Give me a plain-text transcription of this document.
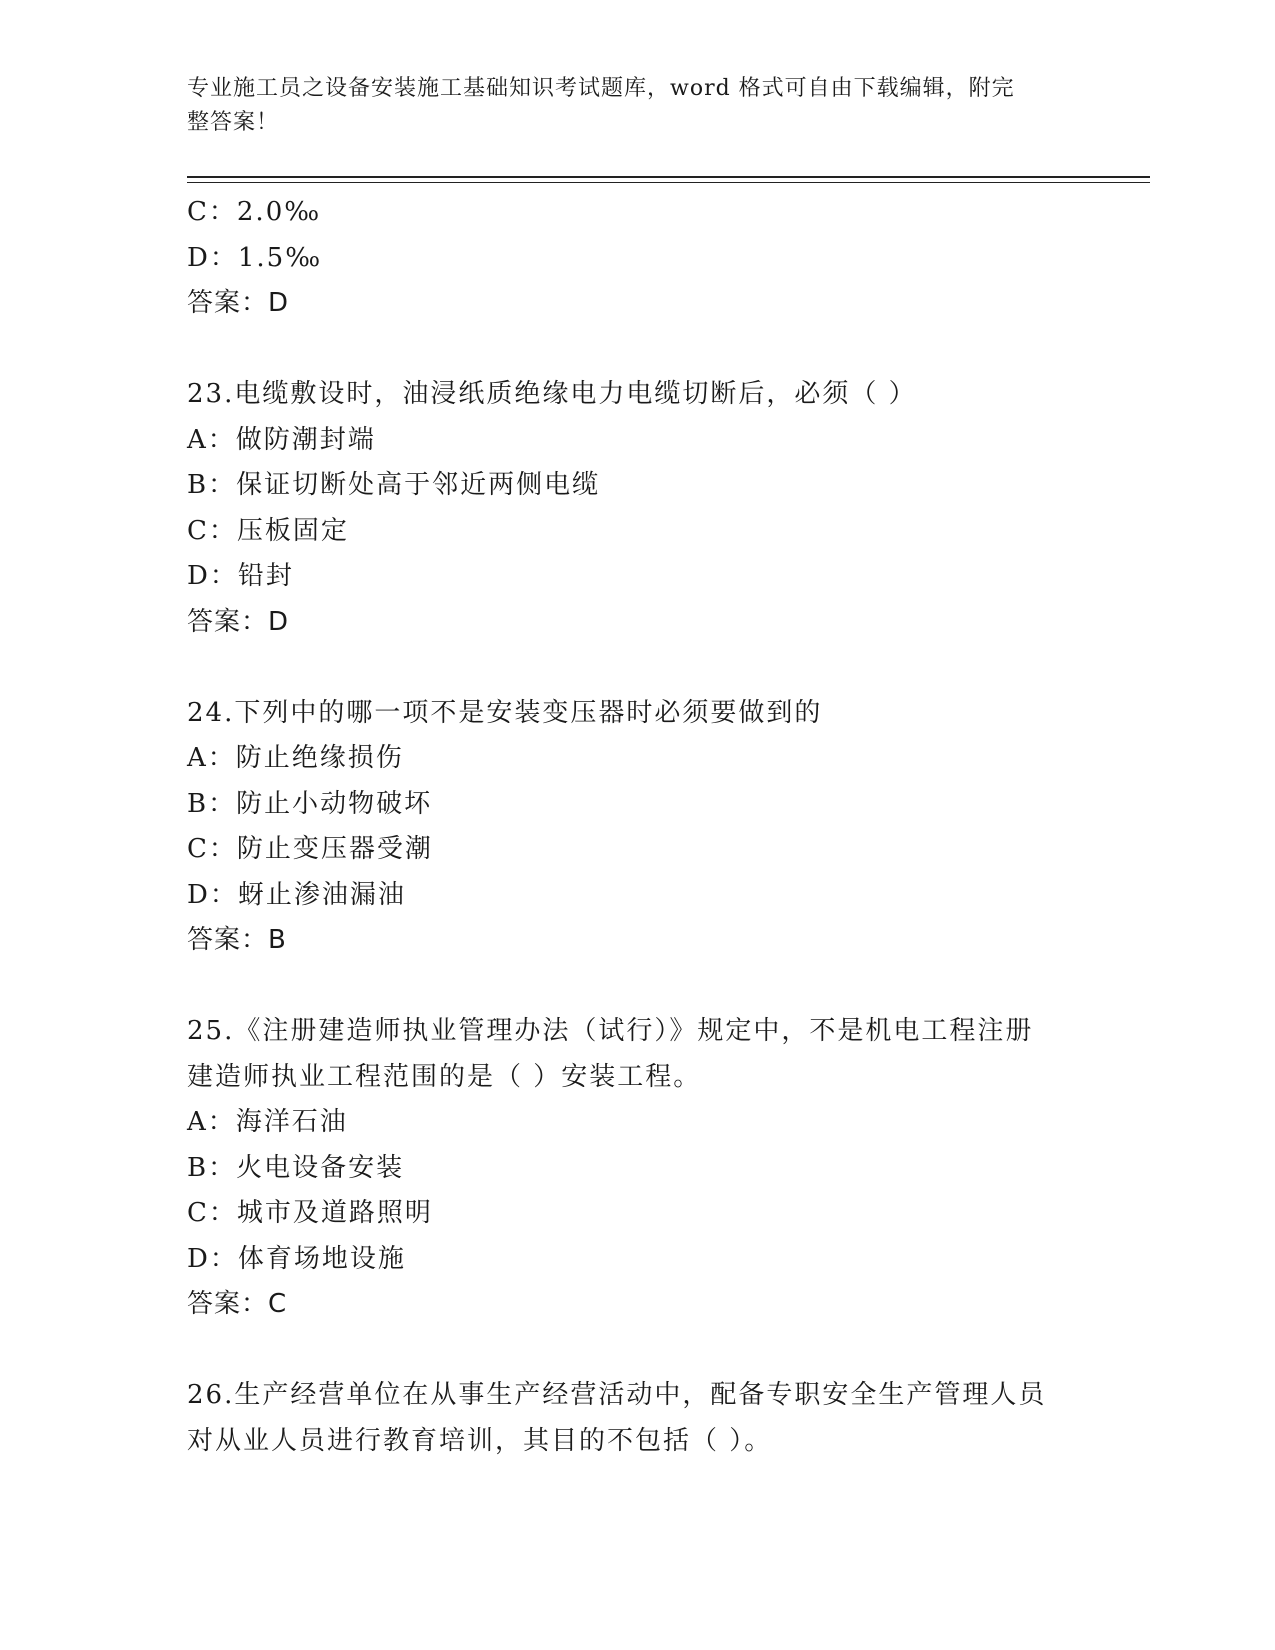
专业施工员之设备安装施工基础知识考试题库，word 格式可自由下载编辑，附完
整答案！
C：2.0‰
D：1.5‰
答案：D
23.电缆敷设时，油浸纸质绝缘电力电缆切断后，必须（ ）
A：做防潮封端
B：保证切断处高于邻近两侧电缆
C：压板固定
D：铅封
答案：D
24.下列中的哪一项不是安装变压器时必须要做到的
A：防止绝缘损伤
B：防止小动物破坏
C：防止变压器受潮
D：蚜止渗油漏油
答案：B
25.《注册建造师执业管理办法（试行）》规定中，不是机电工程注册
建造师执业工程范围的是（ ）安装工程。
A：海洋石油
B：火电设备安装
C：城市及道路照明
D：体育场地设施
答案：C
26.生产经营单位在从事生产经营活动中，配备专职安全生产管理人员
对从业人员进行教育培训，其目的不包括（ ）。
